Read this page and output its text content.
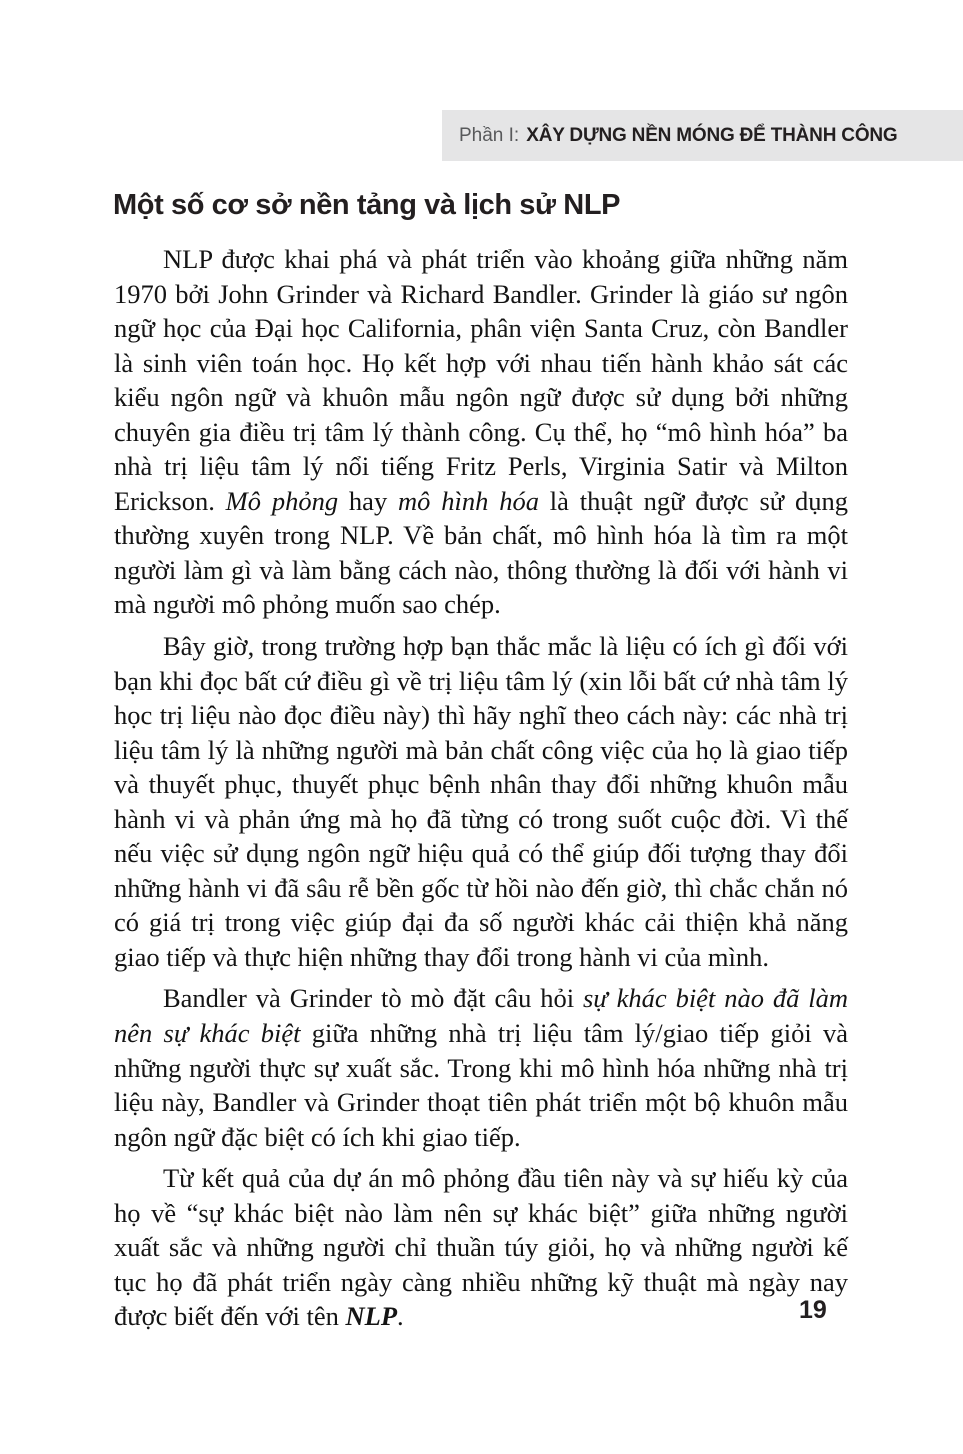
Phần I: XÂY DỰNG NỀN MÓNG ĐỂ THÀNH CÔNG
Một số cơ sở nền tảng và lịch sử NLP

NLP được khai phá và phát triển vào khoảng giữa những năm 1970 bởi John Grinder và Richard Bandler. Grinder là giáo sư ngôn ngữ học của Đại học California, phân viện Santa Cruz, còn Bandler là sinh viên toán học. Họ kết hợp với nhau tiến hành khảo sát các kiểu ngôn ngữ và khuôn mẫu ngôn ngữ được sử dụng bởi những chuyên gia điều trị tâm lý thành công. Cụ thể, họ “mô hình hóa” ba nhà trị liệu tâm lý nổi tiếng Fritz Perls, Virginia Satir và Milton Erickson. Mô phỏng hay mô hình hóa là thuật ngữ được sử dụng thường xuyên trong NLP. Về bản chất, mô hình hóa là tìm ra một người làm gì và làm bằng cách nào, thông thường là đối với hành vi mà người mô phỏng muốn sao chép.

Bây giờ, trong trường hợp bạn thắc mắc là liệu có ích gì đối với bạn khi đọc bất cứ điều gì về trị liệu tâm lý (xin lỗi bất cứ nhà tâm lý học trị liệu nào đọc điều này) thì hãy nghĩ theo cách này: các nhà trị liệu tâm lý là những người mà bản chất công việc của họ là giao tiếp và thuyết phục, thuyết phục bệnh nhân thay đổi những khuôn mẫu hành vi và phản ứng mà họ đã từng có trong suốt cuộc đời. Vì thế nếu việc sử dụng ngôn ngữ hiệu quả có thể giúp đối tượng thay đổi những hành vi đã sâu rễ bền gốc từ hồi nào đến giờ, thì chắc chắn nó có giá trị trong việc giúp đại đa số người khác cải thiện khả năng giao tiếp và thực hiện những thay đổi trong hành vi của mình.

Bandler và Grinder tò mò đặt câu hỏi sự khác biệt nào đã làm nên sự khác biệt giữa những nhà trị liệu tâm lý/giao tiếp giỏi và những người thực sự xuất sắc. Trong khi mô hình hóa những nhà trị liệu này, Bandler và Grinder thoạt tiên phát triển một bộ khuôn mẫu ngôn ngữ đặc biệt có ích khi giao tiếp.

Từ kết quả của dự án mô phỏng đầu tiên này và sự hiếu kỳ của họ về “sự khác biệt nào làm nên sự khác biệt” giữa những người xuất sắc và những người chỉ thuần túy giỏi, họ và những người kế tục họ đã phát triển ngày càng nhiều những kỹ thuật mà ngày nay được biết đến với tên NLP.	19
